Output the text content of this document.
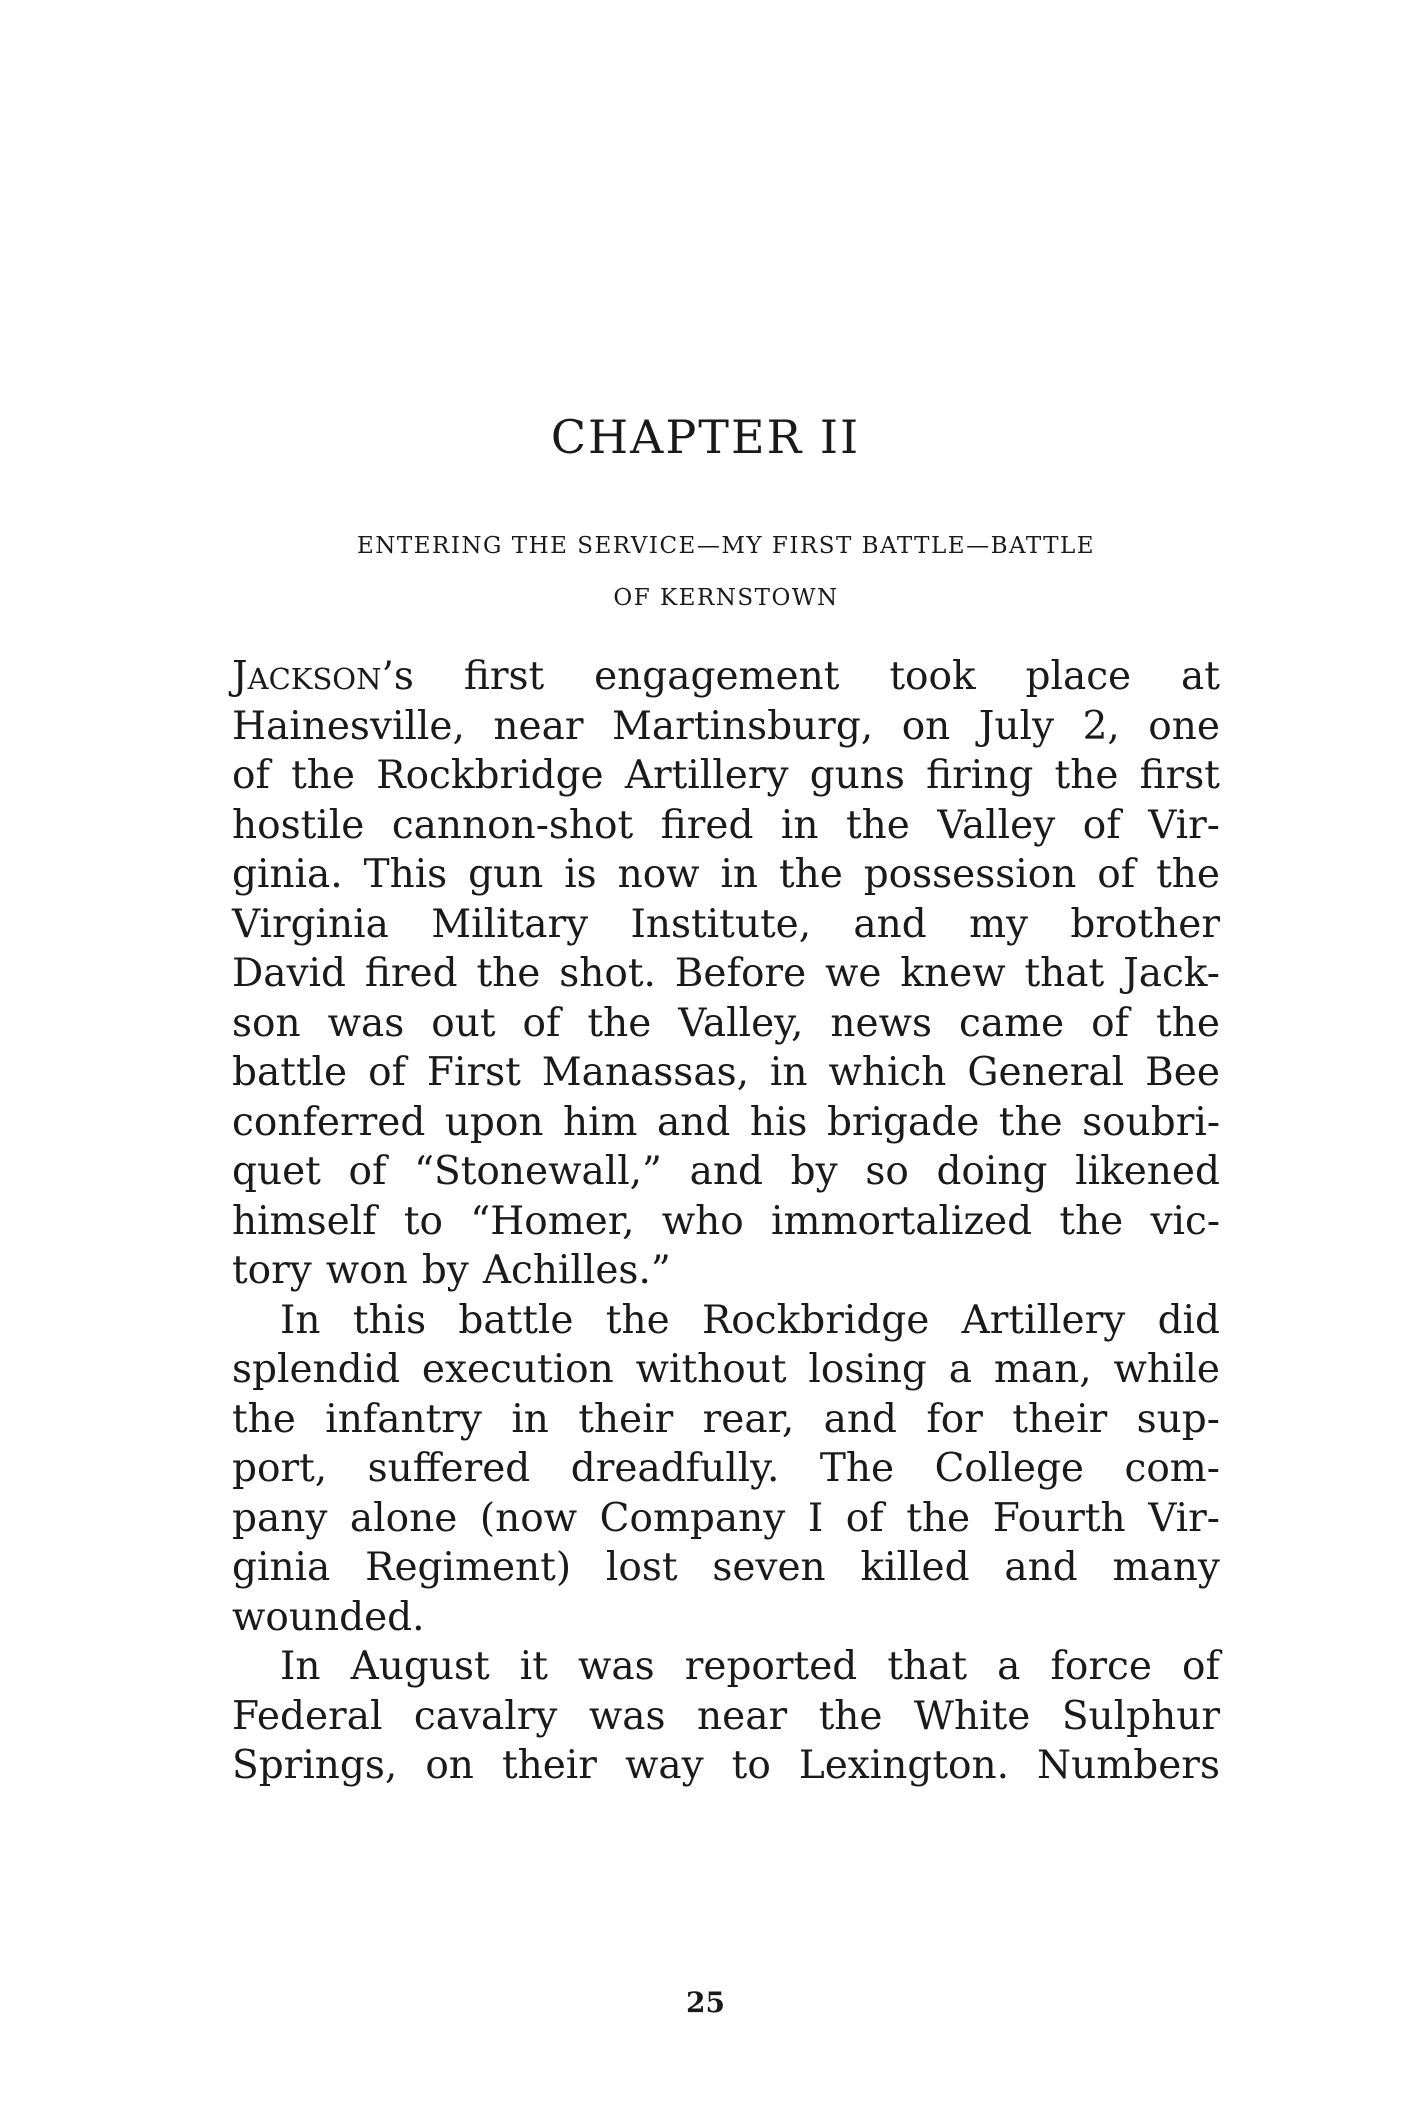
CHAPTER II
ENTERING THE SERVICE—MY FIRST BATTLE—BATTLE
OF KERNSTOWN
JACKSON’s first engagement took place at
Hainesville, near Martinsburg, on July 2, one
of the Rockbridge Artillery guns firing the first
hostile cannon-shot fired in the Valley of Vir-
ginia. This gun is now in the possession of the
Virginia Military Institute, and my brother
David fired the shot. Before we knew that Jack-
son was out of the Valley, news came of the
battle of First Manassas, in which General Bee
conferred upon him and his brigade the soubri-
quet of “Stonewall,” and by so doing likened
himself to “Homer, who immortalized the vic-
tory won by Achilles.”
In this battle the Rockbridge Artillery did
splendid execution without losing a man, while
the infantry in their rear, and for their sup-
port, suffered dreadfully. The College com-
pany alone (now Company I of the Fourth Vir-
ginia Regiment) lost seven killed and many
wounded.
In August it was reported that a force of
Federal cavalry was near the White Sulphur
Springs, on their way to Lexington. Numbers
25
